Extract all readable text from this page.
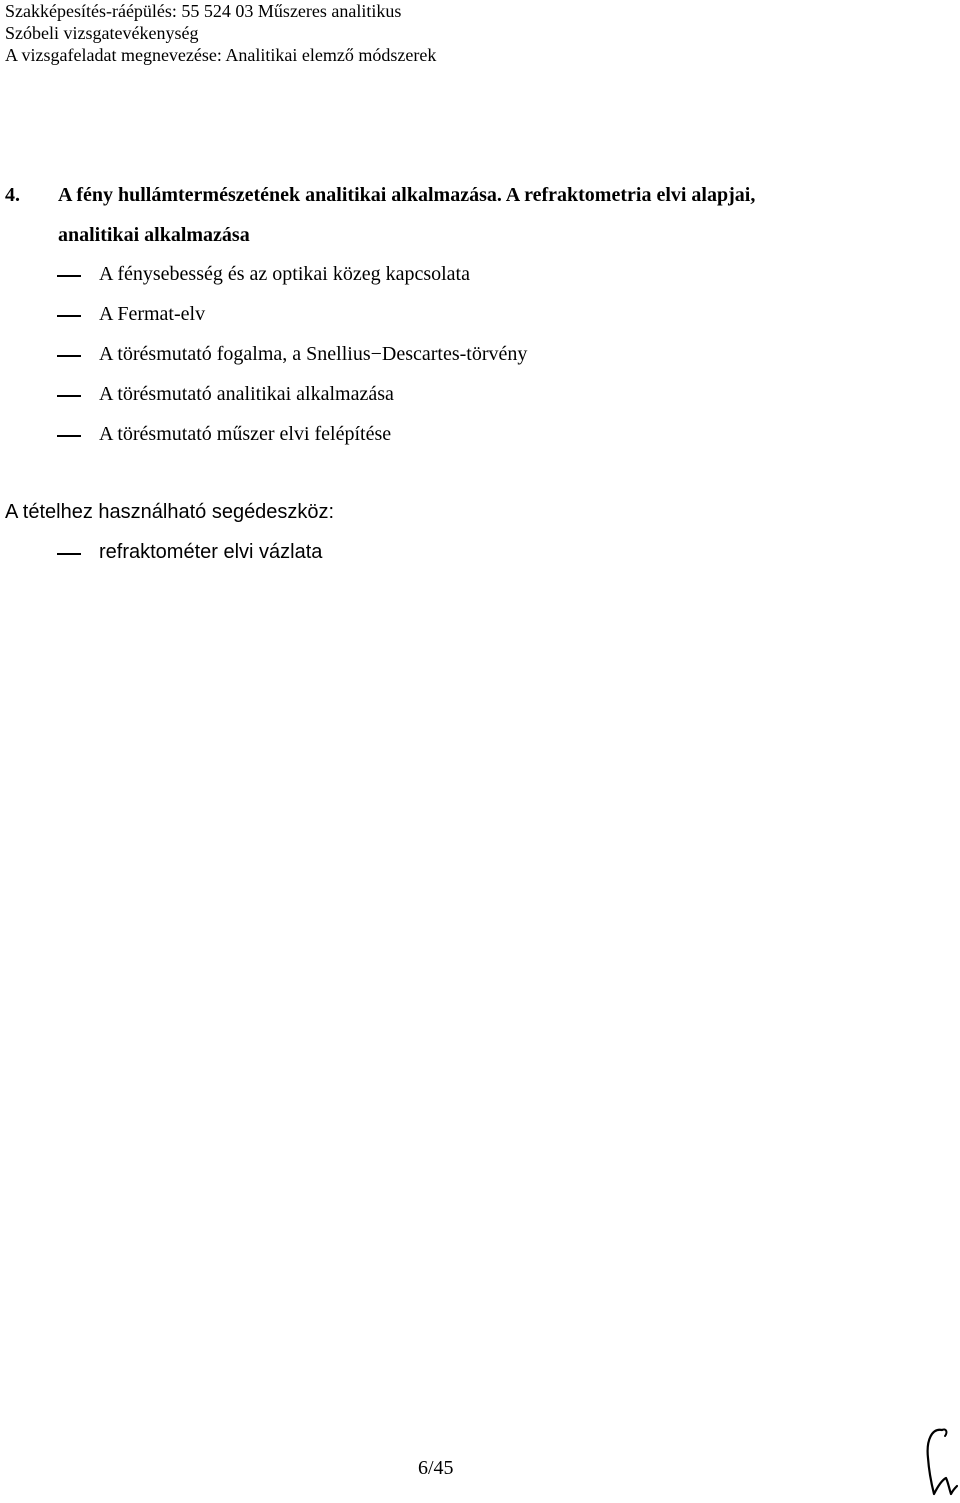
Szakképesítés-ráépülés: 55 524 03 Műszeres analitikus
Szóbeli vizsgatevékenység
A vizsgafeladat megnevezése: Analitikai elemző módszerek
4. A fény hullámtermészetének analitikai alkalmazása. A refraktometria elvi alapjai,
analitikai alkalmazása
A fénysebesség és az optikai közeg kapcsolata
A Fermat-elv
A törésmutató fogalma, a Snellius−Descartes-törvény
A törésmutató analitikai alkalmazása
A törésmutató műszer elvi felépítése
A tételhez használható segédeszköz:
refraktométer elvi vázlata
6/45
